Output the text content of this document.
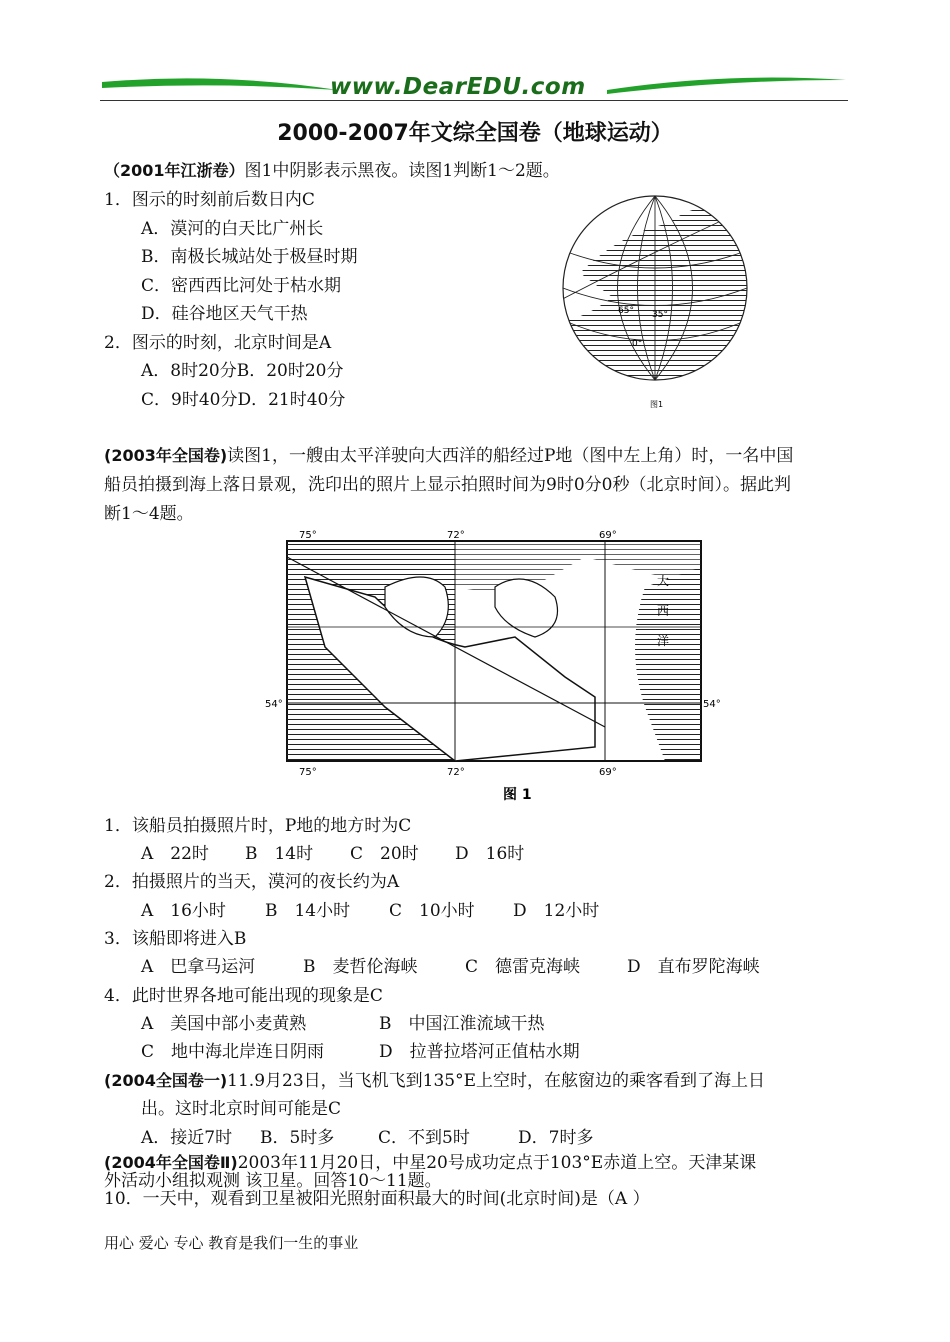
www.DearEDU.com
2000-2007年文综全国卷（地球运动）
（2001年江浙卷）图1中阴影表示黑夜。读图1判断1～2题。
1．图示的时刻前后数日内C
A．漠河的白天比广州长
B．南极长城站处于极昼时期
C．密西西比河处于枯水期
D．硅谷地区天气干热
2．图示的时刻，北京时间是A
A．8时20分B．20时20分
C．9时40分D．21时40分
65° 35°
0°
图1
(2003年全国卷)读图1，一艘由太平洋驶向大西洋的船经过P地（图中左上角）时，一名中国
船员拍摄到海上落日景观，洗印出的照片上显示拍照时间为9时0分0秒（北京时间）。据此判
断1～4题。
75°	72°	69°
75°	72°	69°
54°	54°
大
西
洋
图 1
1．该船员拍摄照片时，P地的地方时为C
A　22时 B　14时 C　20时 D　16时
2．拍摄照片的当天，漠河的夜长约为A
A　16小时 B　14小时 C　10小时 D　12小时
3．该船即将进入B
A　巴拿马运河	B　麦哲伦海峡	C　德雷克海峡	D　直布罗陀海峡
4．此时世界各地可能出现的现象是C
A　美国中部小麦黄熟	B　中国江淮流域干热
C　地中海北岸连日阴雨	D　拉普拉塔河正值枯水期
(2004全国卷一)11.9月23日，当飞机飞到135°E上空时，在舷窗边的乘客看到了海上日
出。这时北京时间可能是C
A．接近7时 B．5时多	C．不到5时	D．7时多
(2004年全国卷Ⅱ)2003年11月20日，中星20号成功定点于103°E赤道上空。天津某课
外活动小组拟观测 该卫星。回答10～11题。
10．一天中，观看到卫星被阳光照射面积最大的时间(北京时间)是（A ）
用心 爱心 专心 教育是我们一生的事业
